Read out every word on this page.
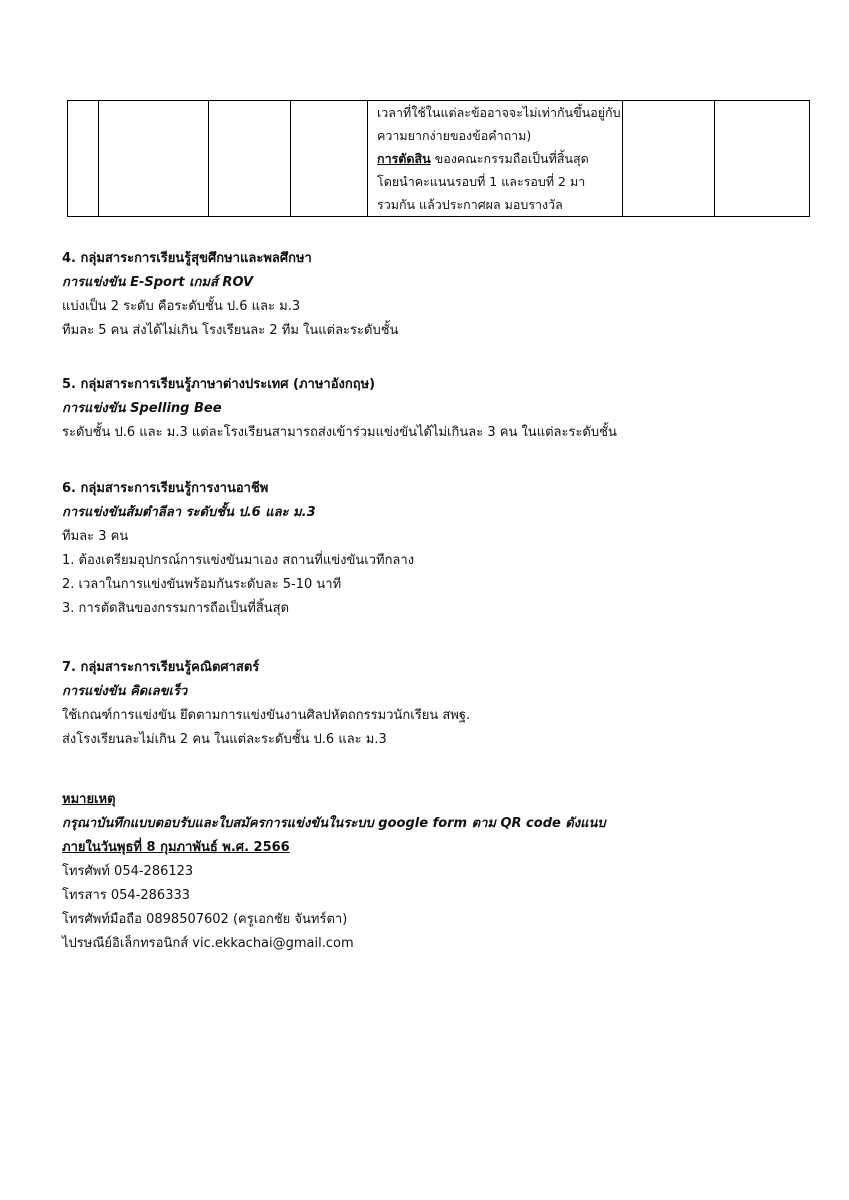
เวลาที่ใช้ในแต่ละข้ออาจจะไม่เท่ากันขึ้นอยู่กับ
ความยากง่ายของข้อคำถาม)
การตัดสิน ของคณะกรรมถือเป็นที่สิ้นสุด
โดยนำคะแนนรอบที่ 1 และรอบที่ 2 มา
รวมกัน แล้วประกาศผล มอบรางวัล

4. กลุ่มสาระการเรียนรู้สุขศึกษาและพลศึกษา
การแข่งขัน E-Sport เกมส์ ROV
แบ่งเป็น 2 ระดับ คือระดับชั้น ป.6 และ ม.3
ทีมละ 5 คน ส่งได้ไม่เกิน โรงเรียนละ 2 ทีม ในแต่ละระดับชั้น
5. กลุ่มสาระการเรียนรู้ภาษาต่างประเทศ (ภาษาอังกฤษ)
การแข่งขัน Spelling Bee
ระดับชั้น ป.6 และ ม.3 แต่ละโรงเรียนสามารถส่งเข้าร่วมแข่งขันได้ไม่เกินละ 3 คน ในแต่ละระดับชั้น
6. กลุ่มสาระการเรียนรู้การงานอาชีพ
การแข่งขันส้มตำลีลา ระดับชั้น ป.6 และ ม.3
ทีมละ 3 คน
1. ต้องเตรียมอุปกรณ์การแข่งขันมาเอง สถานที่แข่งขันเวทีกลาง
2. เวลาในการแข่งขันพร้อมกันระดับละ 5-10 นาที
3. การตัดสินของกรรมการถือเป็นที่สิ้นสุด
7. กลุ่มสาระการเรียนรู้คณิตศาสตร์
การแข่งขัน คิดเลขเร็ว
ใช้เกณฑ์การแข่งขัน ยึดตามการแข่งขันงานศิลปหัตถกรรมวนักเรียน สพฐ.
ส่งโรงเรียนละไม่เกิน 2 คน ในแต่ละระดับชั้น ป.6 และ ม.3
หมายเหตุ
กรุณาบันทึกแบบตอบรับและใบสมัครการแข่งขันในระบบ google form ตาม QR code ดังแนบ
ภายในวันพุธที่ 8 กุมภาพันธ์ พ.ศ. 2566
โทรศัพท์ 054-286123
โทรสาร 054-286333
โทรศัพท์มือถือ 0898507602 (ครูเอกชัย จันทร์ตา)
ไปรษณีย์อิเล็กทรอนิกส์ vic.ekkachai@gmail.com
